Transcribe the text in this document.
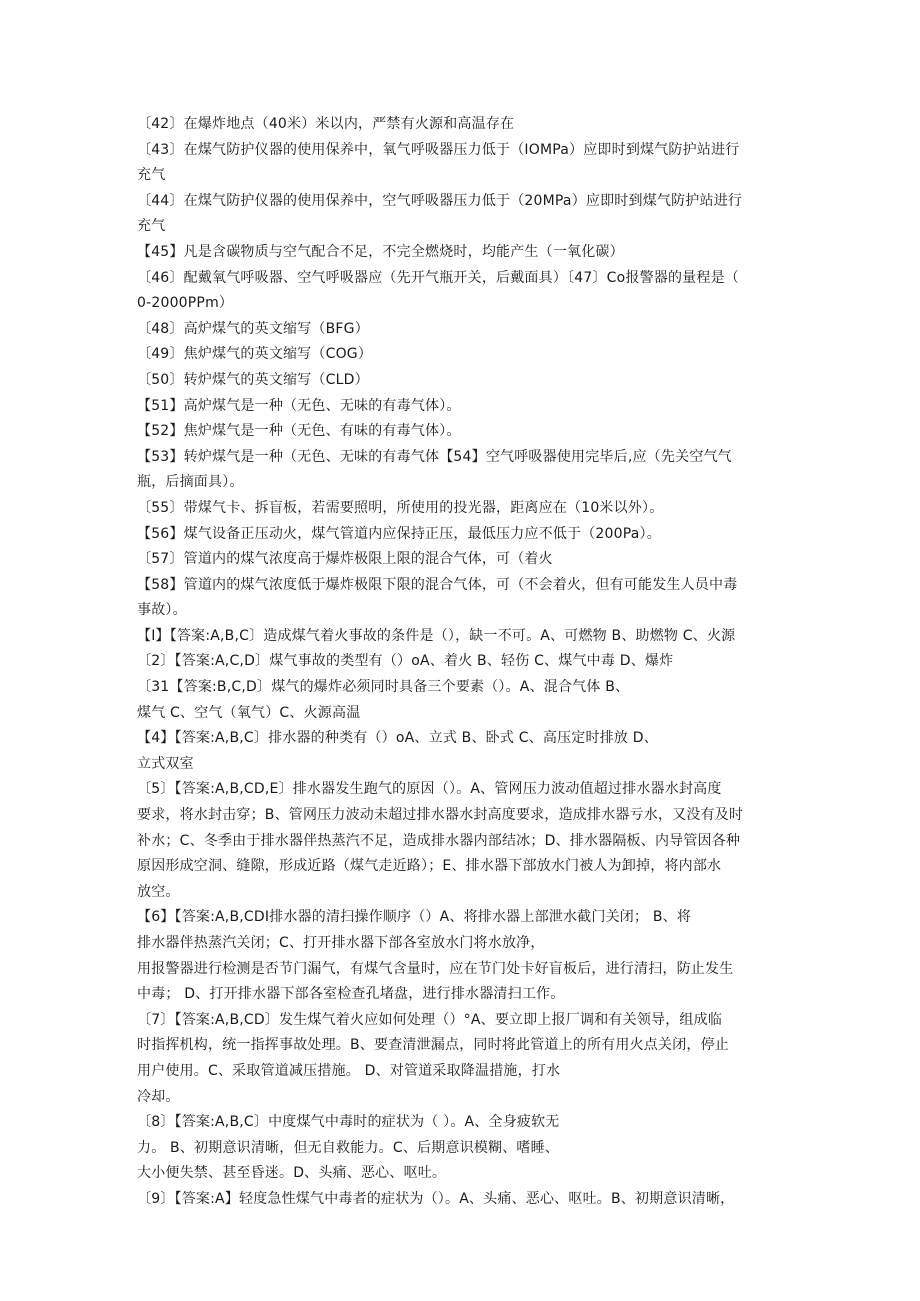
〔42〕在爆炸地点（40米）米以内，严禁有火源和高温存在
〔43〕在煤气防护仪器的使用保养中，氧气呼吸器压力低于（IOMPa）应即时到煤气防护站进行
充气
〔44〕在煤气防护仪器的使用保养中，空气呼吸器压力低于（20MPa）应即时到煤气防护站进行
充气
【45】凡是含碳物质与空气配合不足，不完全燃烧时，均能产生（一氧化碳）
〔46〕配戴氧气呼吸器、空气呼吸器应（先开气瓶开关，后戴面具）〔47〕Co报警器的量程是（
0-2000PPm）
〔48〕高炉煤气的英文缩写（BFG）
〔49〕焦炉煤气的英文缩写（COG）
〔50〕转炉煤气的英文缩写（CLD）
【51】高炉煤气是一种（无色、无味的有毒气体）。
【52】焦炉煤气是一种（无色、有味的有毒气体）。
【53】转炉煤气是一种（无色、无味的有毒气体【54】空气呼吸器使用完毕后,应（先关空气气
瓶，后摘面具）。
〔55〕带煤气卡、拆盲板，若需要照明，所使用的投光器，距离应在（10米以外）。
【56】煤气设备正压动火，煤气管道内应保持正压，最低压力应不低于（200Pa）。
〔57〕管道内的煤气浓度高于爆炸极限上限的混合气体，可（着火
【58】管道内的煤气浓度低于爆炸极限下限的混合气体，可（不会着火，但有可能发生人员中毒
事故）。
【I】【答案:A,B,C〕造成煤气着火事故的条件是（），缺一不可。A、可燃物 B、助燃物 C、火源
〔2〕【答案:A,C,D〕煤气事故的类型有（）oA、着火 B、轻伤 C、煤气中毒 D、爆炸
〔31【答案:B,C,D〕煤气的爆炸必须同时具备三个要素（）。A、混合气体 B、
煤气 C、空气（氧气）C、火源高温
【4】【答案:A,B,C〕排水器的种类有（）oA、立式 B、卧式 C、高压定时排放 D、
立式双室
〔5〕【答案:A,B,CD,E〕排水器发生跑气的原因（）。A、管网压力波动值超过排水器水封高度
要求，将水封击穿；B、管网压力波动未超过排水器水封高度要求，造成排水器亏水，又没有及时
补水；C、冬季由于排水器伴热蒸汽不足，造成排水器内部结冰；D、排水器隔板、内导管因各种
原因形成空洞、缝隙，形成近路（煤气走近路）；E、排水器下部放水门被人为卸掉，将内部水
放空。
【6】【答案:A,B,CDI排水器的清扫操作顺序（）A、将排水器上部泄水截门关闭； B、将
排水器伴热蒸汽关闭；C、打开排水器下部各室放水门将水放净，
用报警器进行检测是否节门漏气，有煤气含量时，应在节门处卡好盲板后，进行清扫，防止发生
中毒； D、打开排水器下部各室检查孔堵盘，进行排水器清扫工作。
〔7〕【答案:A,B,CD〕发生煤气着火应如何处理（）°A、要立即上报厂调和有关领导，组成临
时指挥机构，统一指挥事故处理。B、要查清泄漏点，同时将此管道上的所有用火点关闭，停止
用户使用。C、采取管道减压措施。 D、对管道采取降温措施，打水
冷却。
〔8〕【答案:A,B,C〕中度煤气中毒时的症状为（ ）。A、全身疲软无
力。 B、初期意识清晰，但无自救能力。C、后期意识模糊、嗜睡、
大小便失禁、甚至昏迷。D、头痛、恶心、呕吐。
〔9〕【答案:A】轻度急性煤气中毒者的症状为（）。A、头痛、恶心、呕吐。B、初期意识清晰，
